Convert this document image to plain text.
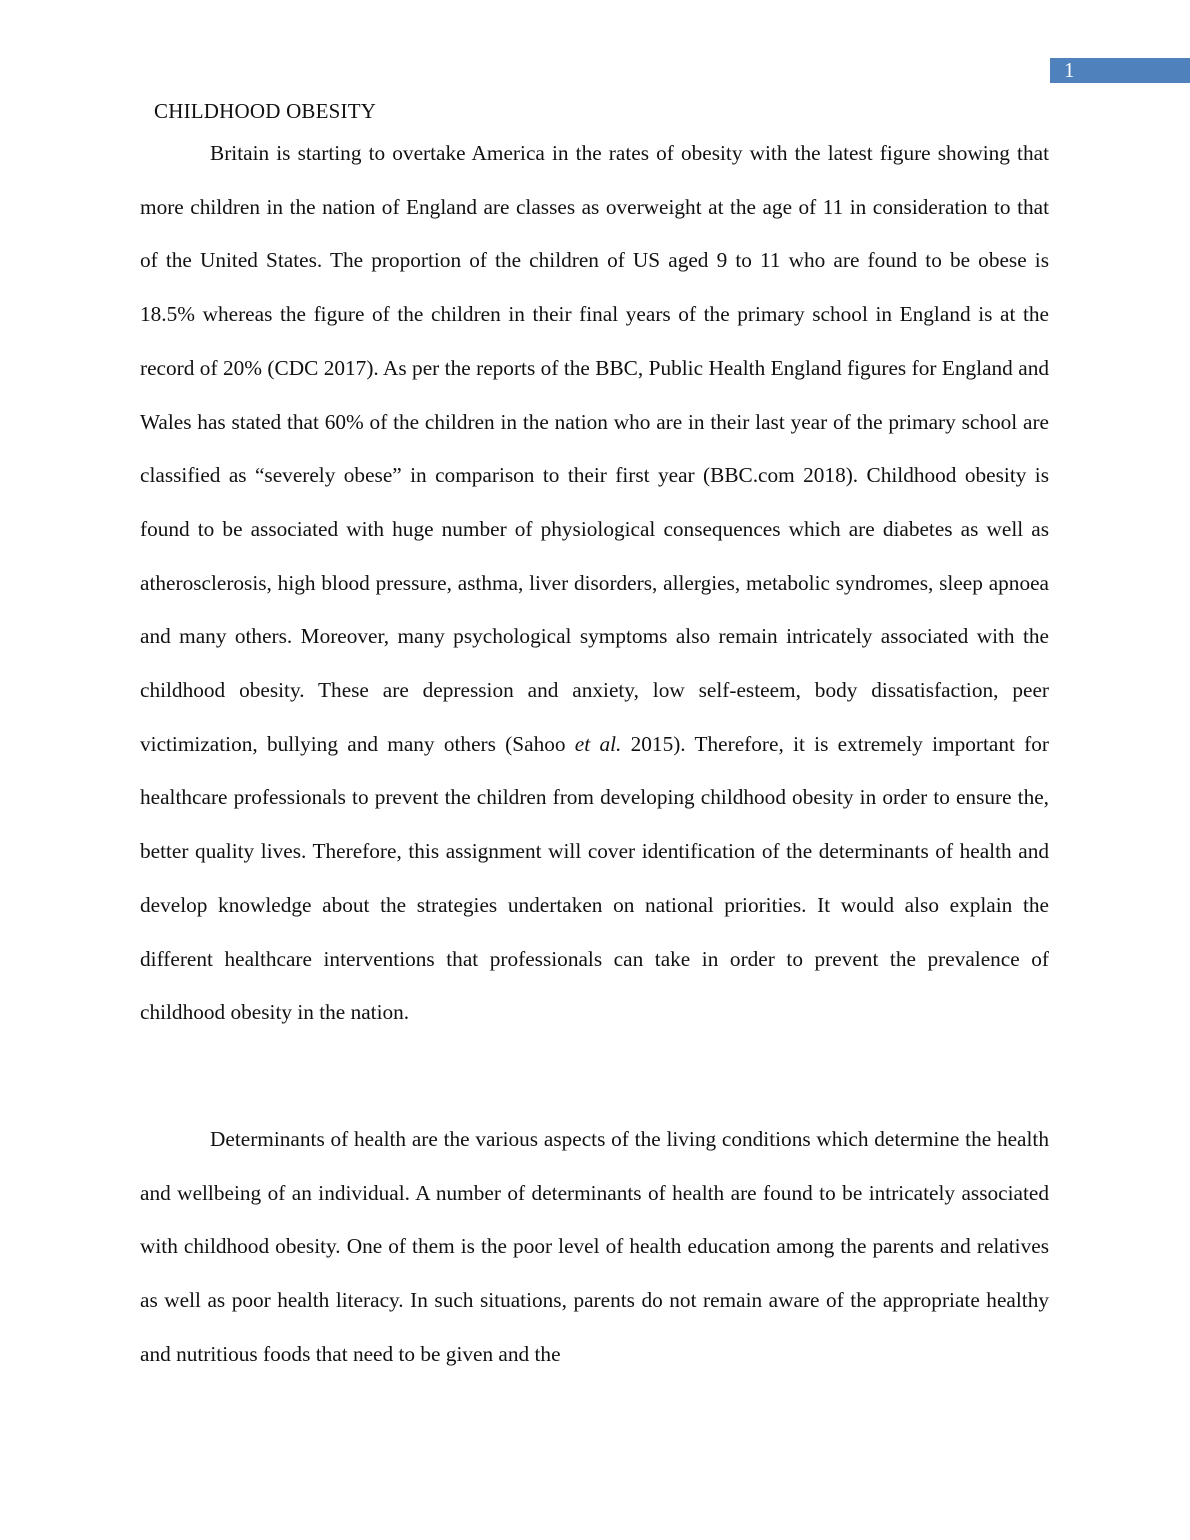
1
CHILDHOOD OBESITY

Britain is starting to overtake America in the rates of obesity with the latest figure showing that more children in the nation of England are classes as overweight at the age of 11 in consideration to that of the United States. The proportion of the children of US aged 9 to 11 who are found to be obese is 18.5% whereas the figure of the children in their final years of the primary school in England is at the record of 20% (CDC 2017). As per the reports of the BBC, Public Health England figures for England and Wales has stated that 60% of the children in the nation who are in their last year of the primary school are classified as “severely obese” in comparison to their first year (BBC.com 2018). Childhood obesity is found to be associated with huge number of physiological consequences which are diabetes as well as atherosclerosis, high blood pressure, asthma, liver disorders, allergies, metabolic syndromes, sleep apnoea and many others. Moreover, many psychological symptoms also remain intricately associated with the childhood obesity. These are depression and anxiety, low self-esteem, body dissatisfaction, peer victimization, bullying and many others (Sahoo et al. 2015). Therefore, it is extremely important for healthcare professionals to prevent the children from developing childhood obesity in order to ensure the, better quality lives. Therefore, this assignment will cover identification of the determinants of health and develop knowledge about the strategies undertaken on national priorities. It would also explain the different healthcare interventions that professionals can take in order to prevent the prevalence of childhood obesity in the nation.

Determinants of health are the various aspects of the living conditions which determine the health and wellbeing of an individual. A number of determinants of health are found to be intricately associated with childhood obesity. One of them is the poor level of health education among the parents and relatives as well as poor health literacy. In such situations, parents do not remain aware of the appropriate healthy and nutritious foods that need to be given and the
